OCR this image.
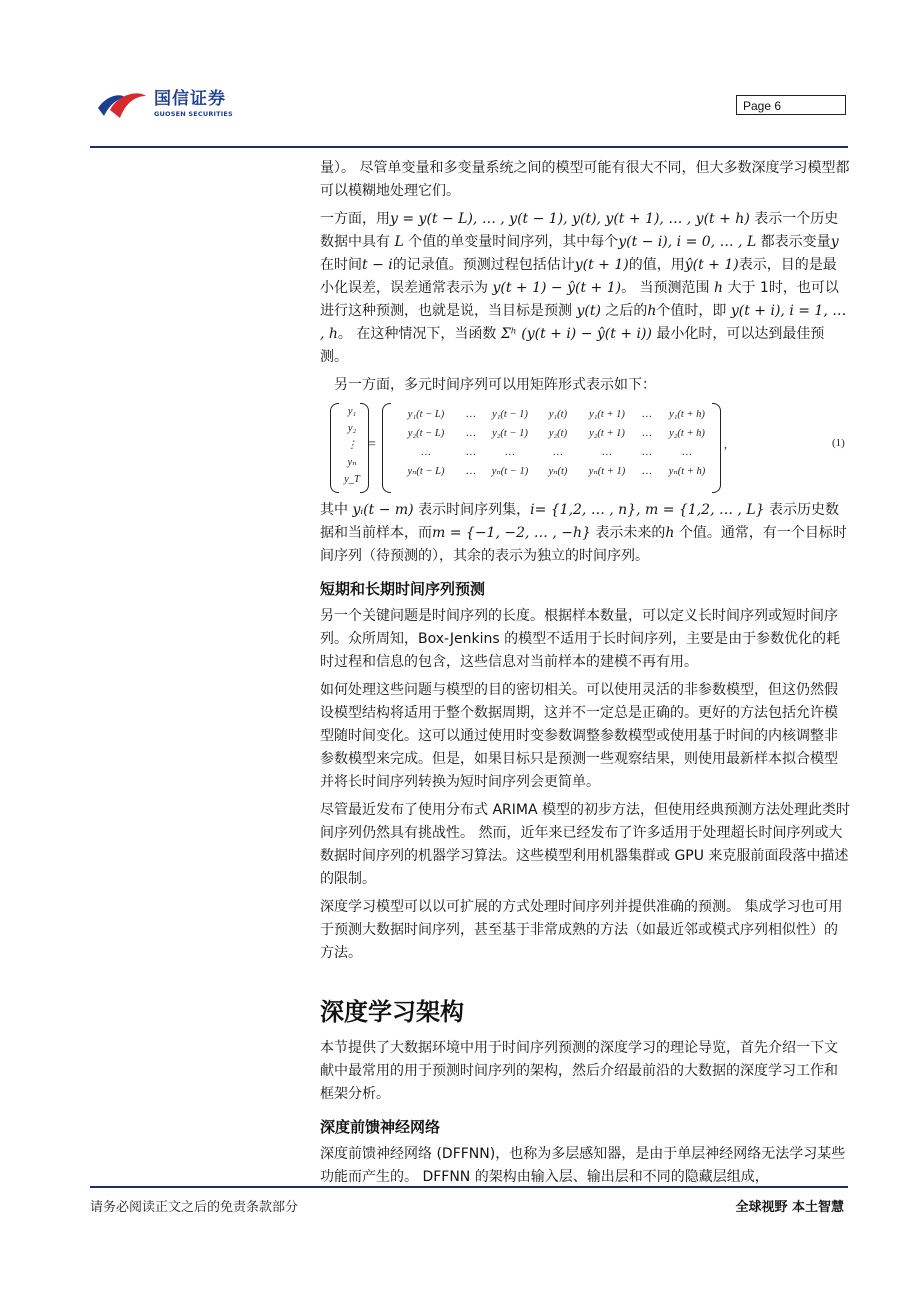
国信证券
GUOSEN SECURITIES
Page 6

量）。 尽管单变量和多变量系统之间的模型可能有很大不同，但大多数深度学习模型都可以模糊地处理它们。

一方面，用y = y(t − L), … , y(t − 1), y(t), y(t + 1), … , y(t + h) 表示一个历史数据中具有 L 个值的单变量时间序列，其中每个y(t − i), i = 0, … , L 都表示变量y在时间t − i的记录值。预测过程包括估计y(t + 1)的值，用ŷ(t + 1)表示，目的是最小化误差，误差通常表示为 y(t + 1) − ŷ(t + 1)。 当预测范围 h 大于 1时，也可以进行这种预测，也就是说，当目标是预测 y(t) 之后的h个值时，即 y(t + i), i = 1, … , h。 在这种情况下，当函数 Σʰ (y(t + i) − ŷ(t + i)) 最小化时，可以达到最佳预测。

另一方面，多元时间序列可以用矩阵形式表示如下：

y₁
y₂
⋮
yₙ
y_T
=
y₁(t − L)	…	y₁(t − 1)	y₁(t)	y₁(t + 1)	…	y₁(t + h)
y₂(t − L)	…	y₂(t − 1)	y₂(t)	y₂(t + 1)	…	y₂(t + h)
…	…	…	…	…	…	…
yₙ(t − L)	…	yₙ(t − 1)	yₙ(t)	yₙ(t + 1)	…	yₙ(t + h)
,	(1)

其中 yᵢ(t − m) 表示时间序列集，i= {1,2, … , n}, m = {1,2, … , L} 表示历史数据和当前样本，而m = {−1, −2, … , −h} 表示未来的h 个值。通常，有一个目标时间序列（待预测的），其余的表示为独立的时间序列。

短期和长期时间序列预测

另一个关键问题是时间序列的长度。根据样本数量，可以定义长时间序列或短时间序列。众所周知，Box-Jenkins 的模型不适用于长时间序列，主要是由于参数优化的耗时过程和信息的包含，这些信息对当前样本的建模不再有用。

如何处理这些问题与模型的目的密切相关。可以使用灵活的非参数模型，但这仍然假设模型结构将适用于整个数据周期，这并不一定总是正确的。更好的方法包括允许模型随时间变化。这可以通过使用时变参数调整参数模型或使用基于时间的内核调整非参数模型来完成。但是，如果目标只是预测一些观察结果，则使用最新样本拟合模型并将长时间序列转换为短时间序列会更简单。

尽管最近发布了使用分布式 ARIMA 模型的初步方法，但使用经典预测方法处理此类时间序列仍然具有挑战性。 然而，近年来已经发布了许多适用于处理超长时间序列或大数据时间序列的机器学习算法。这些模型利用机器集群或 GPU 来克服前面段落中描述的限制。

深度学习模型可以以可扩展的方式处理时间序列并提供准确的预测。 集成学习也可用于预测大数据时间序列，甚至基于非常成熟的方法（如最近邻或模式序列相似性）的方法。

深度学习架构

本节提供了大数据环境中用于时间序列预测的深度学习的理论导览，首先介绍一下文献中最常用的用于预测时间序列的架构，然后介绍最前沿的大数据的深度学习工作和框架分析。

深度前馈神经网络

深度前馈神经网络 (DFFNN)，也称为多层感知器，是由于单层神经网络无法学习某些功能而产生的。 DFFNN 的架构由输入层、输出层和不同的隐藏层组成，

请务必阅读正文之后的免责条款部分	全球视野 本土智慧
